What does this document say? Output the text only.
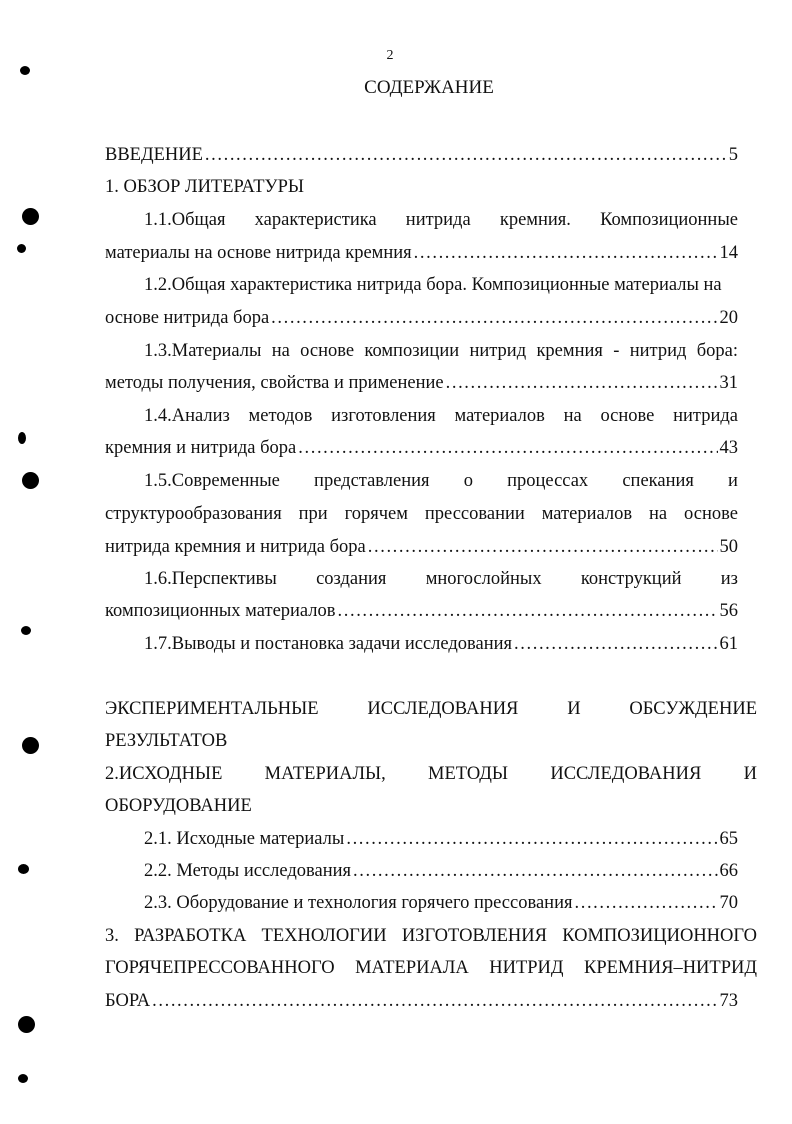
2
СОДЕРЖАНИЕ
ВВЕДЕНИЕ .....	5
1. ОБЗОР ЛИТЕРАТУРЫ
1.1.Общая характеристика нитрида кремния. Композиционные
материалы на основе нитрида кремния .....	14
1.2.Общая характеристика нитрида бора. Композиционные материалы на
основе нитрида бора .....	20
1.3.Материалы на основе композиции нитрид кремния - нитрид бора:
методы получения, свойства и применение .....	31
1.4.Анализ методов изготовления материалов на основе нитрида
кремния и нитрида бора .....	43
1.5.Современные представления о процессах спекания и
структурообразования при горячем прессовании материалов на основе
нитрида кремния и нитрида бора .....	50
1.6.Перспективы создания многослойных конструкций из
композиционных материалов .....	56
1.7.Выводы и постановка задачи исследования .....	61
ЭКСПЕРИМЕНТАЛЬНЫЕ	ИССЛЕДОВАНИЯ	И	ОБСУЖДЕНИЕ
РЕЗУЛЬТАТОВ
2.ИСХОДНЫЕ МАТЕРИАЛЫ, МЕТОДЫ ИССЛЕДОВАНИЯ И
ОБОРУДОВАНИЕ
2.1. Исходные материалы .....	65
2.2. Методы исследования .....	66
2.3. Оборудование и технология горячего прессования .....	70
3. РАЗРАБОТКА ТЕХНОЛОГИИ ИЗГОТОВЛЕНИЯ КОМПОЗИЦИОННОГО
ГОРЯЧЕПРЕССОВАННОГО МАТЕРИАЛА НИТРИД КРЕМНИЯ–НИТРИД
БОРА .....	73
